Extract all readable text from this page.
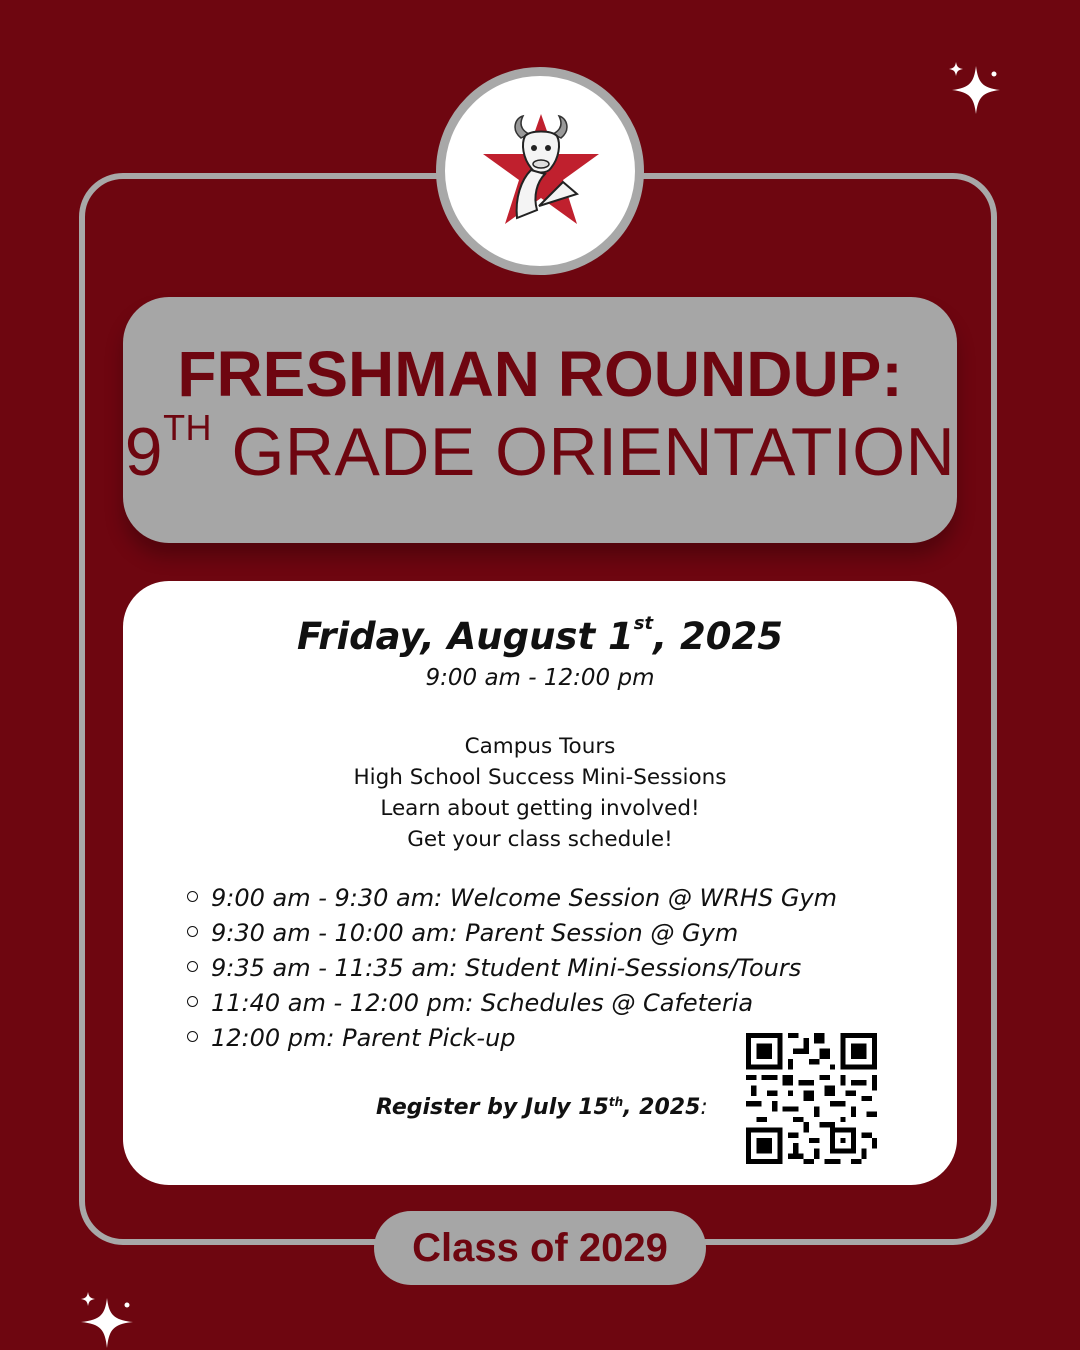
FRESHMAN ROUNDUP:
9TH GRADE ORIENTATION
Friday, August 1st, 2025
9:00 am - 12:00 pm
Campus Tours
High School Success Mini-Sessions
Learn about getting involved!
Get your class schedule!
9:00 am - 9:30 am: Welcome Session @ WRHS Gym
9:30 am - 10:00 am: Parent Session @ Gym
9:35 am - 11:35 am: Student Mini-Sessions/Tours
11:40 am - 12:00 pm: Schedules @ Cafeteria
12:00 pm: Parent Pick-up
Register by July 15th, 2025:
Class of 2029
